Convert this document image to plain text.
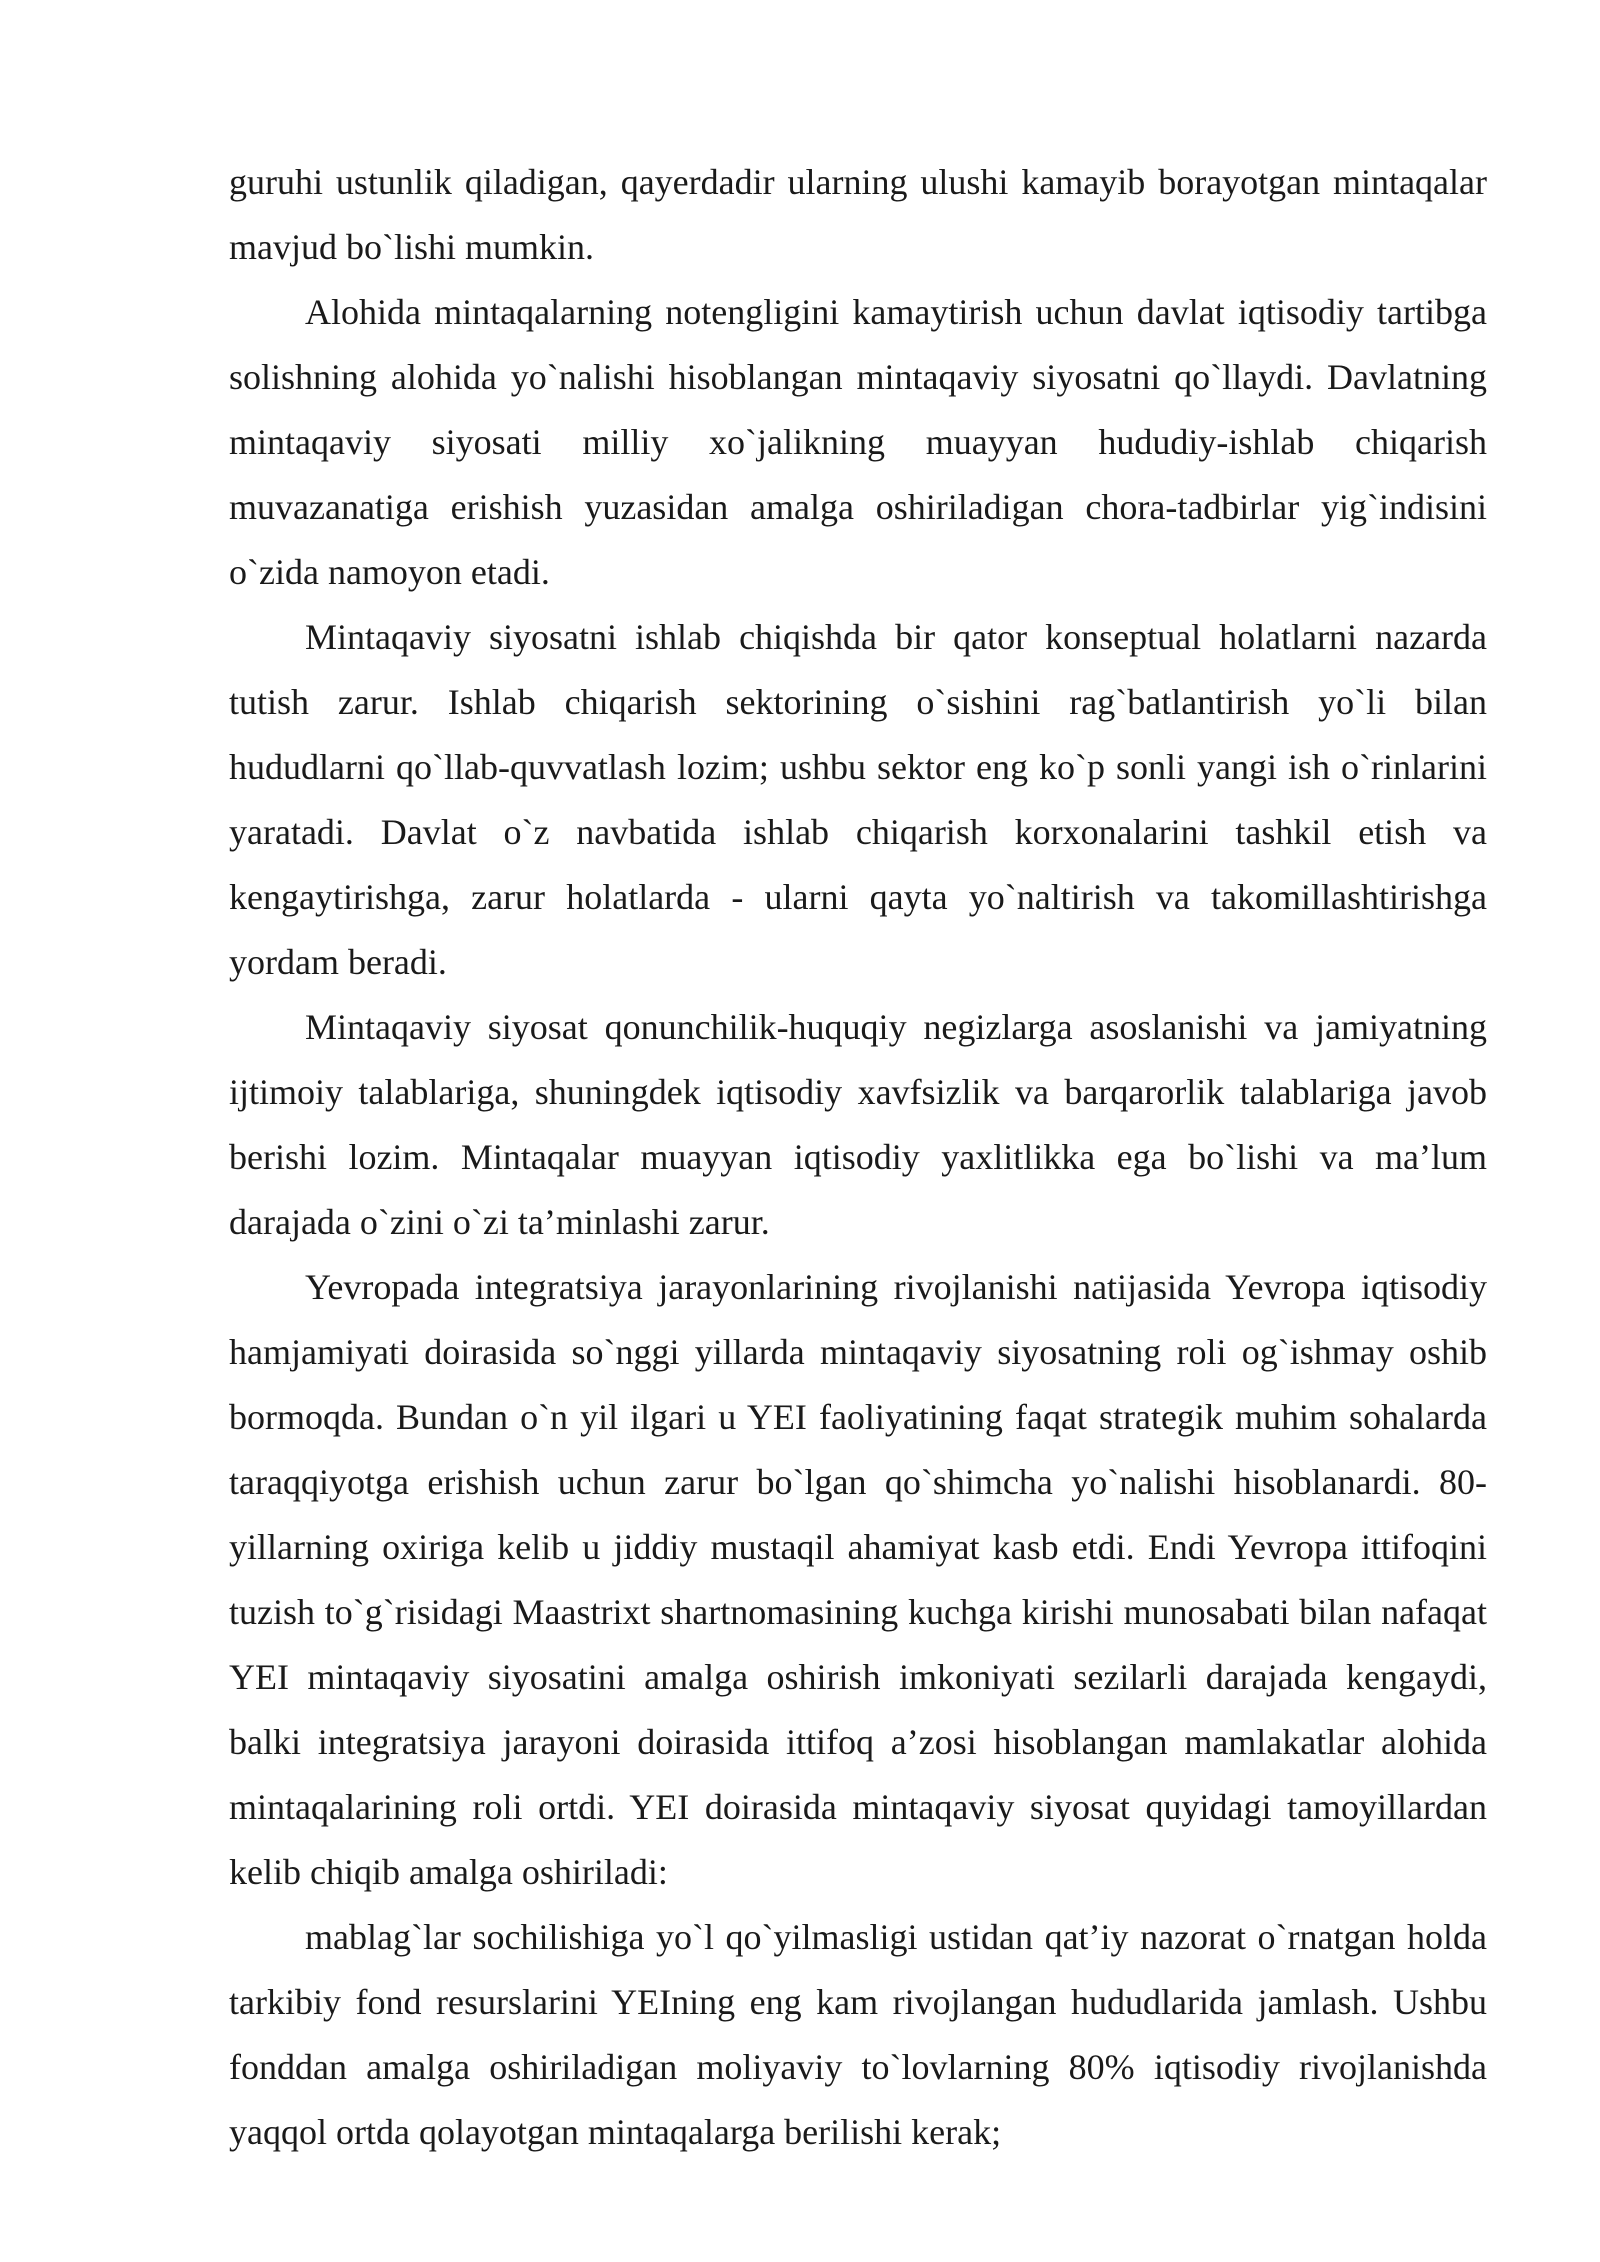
guruhi ustunlik qiladigan, qayerdadir ularning ulushi kamayib borayotgan mintaqalar mavjud bo`lishi mumkin.

Alohida mintaqalarning notengligini kamaytirish uchun davlat iqtisodiy tartibga solishning alohida yo`nalishi hisoblangan mintaqaviy siyosatni qo`llaydi. Davlatning mintaqaviy siyosati milliy xo`jalikning muayyan hududiy-ishlab chiqarish muvazanatiga erishish yuzasidan amalga oshiriladigan chora-tadbirlar yig`indisini o`zida namoyon etadi.

Mintaqaviy siyosatni ishlab chiqishda bir qator konseptual holatlarni nazarda tutish zarur. Ishlab chiqarish sektorining o`sishini rag`batlantirish yo`li bilan hududlarni qo`llab-quvvatlash lozim; ushbu sektor eng ko`p sonli yangi ish o`rinlarini yaratadi. Davlat o`z navbatida ishlab chiqarish korxonalarini tashkil etish va kengaytirishga, zarur holatlarda - ularni qayta yo`naltirish va takomillashtirishga yordam beradi.

Mintaqaviy siyosat qonunchilik-huquqiy negizlarga asoslanishi va jamiyatning ijtimoiy talablariga, shuningdek iqtisodiy xavfsizlik va barqarorlik talablariga javob berishi lozim. Mintaqalar muayyan iqtisodiy yaxlitlikka ega bo`lishi va ma’lum darajada o`zini o`zi ta’minlashi zarur.

Yevropada integratsiya jarayonlarining rivojlanishi natijasida Yevropa iqtisodiy hamjamiyati doirasida so`nggi yillarda mintaqaviy siyosatning roli og`ishmay oshib bormoqda. Bundan o`n yil ilgari u YEI faoliyatining faqat strategik muhim sohalarda taraqqiyotga erishish uchun zarur bo`lgan qo`shimcha yo`nalishi hisoblanardi. 80-yillarning oxiriga kelib u jiddiy mustaqil ahamiyat kasb etdi. Endi Yevropa ittifoqini tuzish to`g`risidagi Maastrixt shartnomasining kuchga kirishi munosabati bilan nafaqat YEI mintaqaviy siyosatini amalga oshirish imkoniyati sezilarli darajada kengaydi, balki integratsiya jarayoni doirasida ittifoq a’zosi hisoblangan mamlakatlar alohida mintaqalarining roli ortdi. YEI doirasida mintaqaviy siyosat quyidagi tamoyillardan kelib chiqib amalga oshiriladi:

mablag`lar sochilishiga yo`l qo`yilmasligi ustidan qat’iy nazorat o`rnatgan holda tarkibiy fond resurslarini YEIning eng kam rivojlangan hududlarida jamlash. Ushbu fonddan amalga oshiriladigan moliyaviy to`lovlarning 80% iqtisodiy rivojlanishda yaqqol ortda qolayotgan mintaqalarga berilishi kerak;
